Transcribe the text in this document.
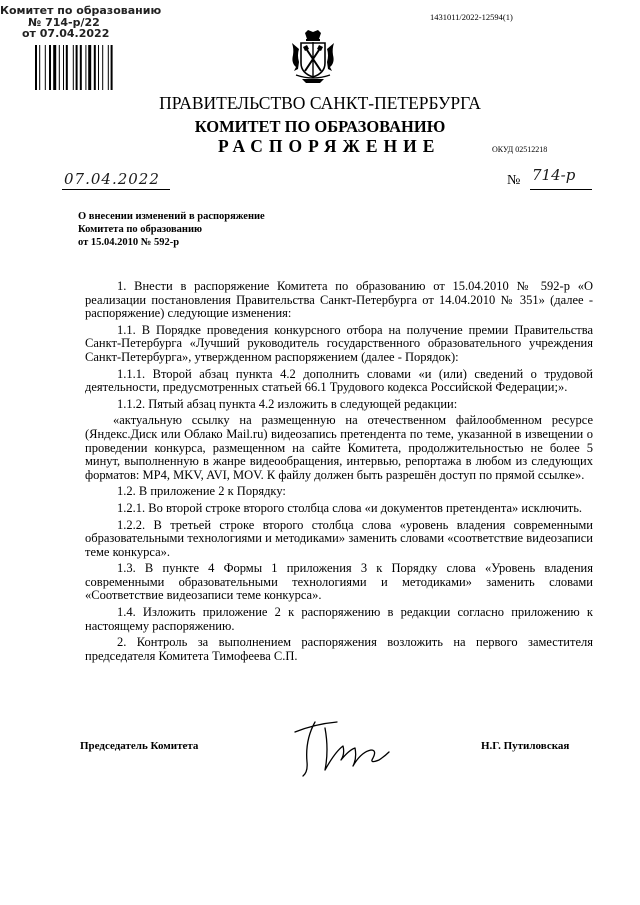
Комитет по образованию
№ 714-р/22
от 07.04.2022
1431011/2022-12594(1)
ПРАВИТЕЛЬСТВО САНКТ-ПЕТЕРБУРГА
КОМИТЕТ ПО ОБРАЗОВАНИЮ
РАСПОРЯЖЕНИЕ	ОКУД 02512218
07.04.2022	№ 714-р
О внесении изменений в распоряжение
Комитета по образованию
от 15.04.2010 № 592-р

1. Внести в распоряжение Комитета по образованию от 15.04.2010 № 592-р «О реализации постановления Правительства Санкт-Петербурга от 14.04.2010 № 351» (далее - распоряжение) следующие изменения:

1.1. В Порядке проведения конкурсного отбора на получение премии Правительства Санкт-Петербурга «Лучший руководитель государственного образовательного учреждения Санкт-Петербурга», утвержденном распоряжением (далее - Порядок):

1.1.1. Второй абзац пункта 4.2 дополнить словами «и (или) сведений о трудовой деятельности, предусмотренных статьей 66.1 Трудового кодекса Российской Федерации;».

1.1.2. Пятый абзац пункта 4.2 изложить в следующей редакции:

«актуальную ссылку на размещенную на отечественном файлообменном ресурсе (Яндекс.Диск или Облако Mail.ru) видеозапись претендента по теме, указанной в извещении о проведении конкурса, размещенном на сайте Комитета, продолжительностью не более 5 минут, выполненную в жанре видеообращения, интервью, репортажа в любом из следующих форматов: MP4, MKV, AVI, MOV. К файлу должен быть разрешён доступ по прямой ссылке».

1.2. В приложение 2 к Порядку:

1.2.1. Во второй строке второго столбца слова «и документов претендента» исключить.

1.2.2. В третьей строке второго столбца слова «уровень владения современными образовательными технологиями и методиками» заменить словами «соответствие видеозаписи теме конкурса».

1.3. В пункте 4 Формы 1 приложения 3 к Порядку слова «Уровень владения современными образовательными технологиями и методиками» заменить словами «Соответствие видеозаписи теме конкурса».

1.4. Изложить приложение 2 к распоряжению в редакции согласно приложению к настоящему распоряжению.

2. Контроль за выполнением распоряжения возложить на первого заместителя председателя Комитета Тимофеева С.П.

Председатель Комитета	Н.Г. Путиловская
